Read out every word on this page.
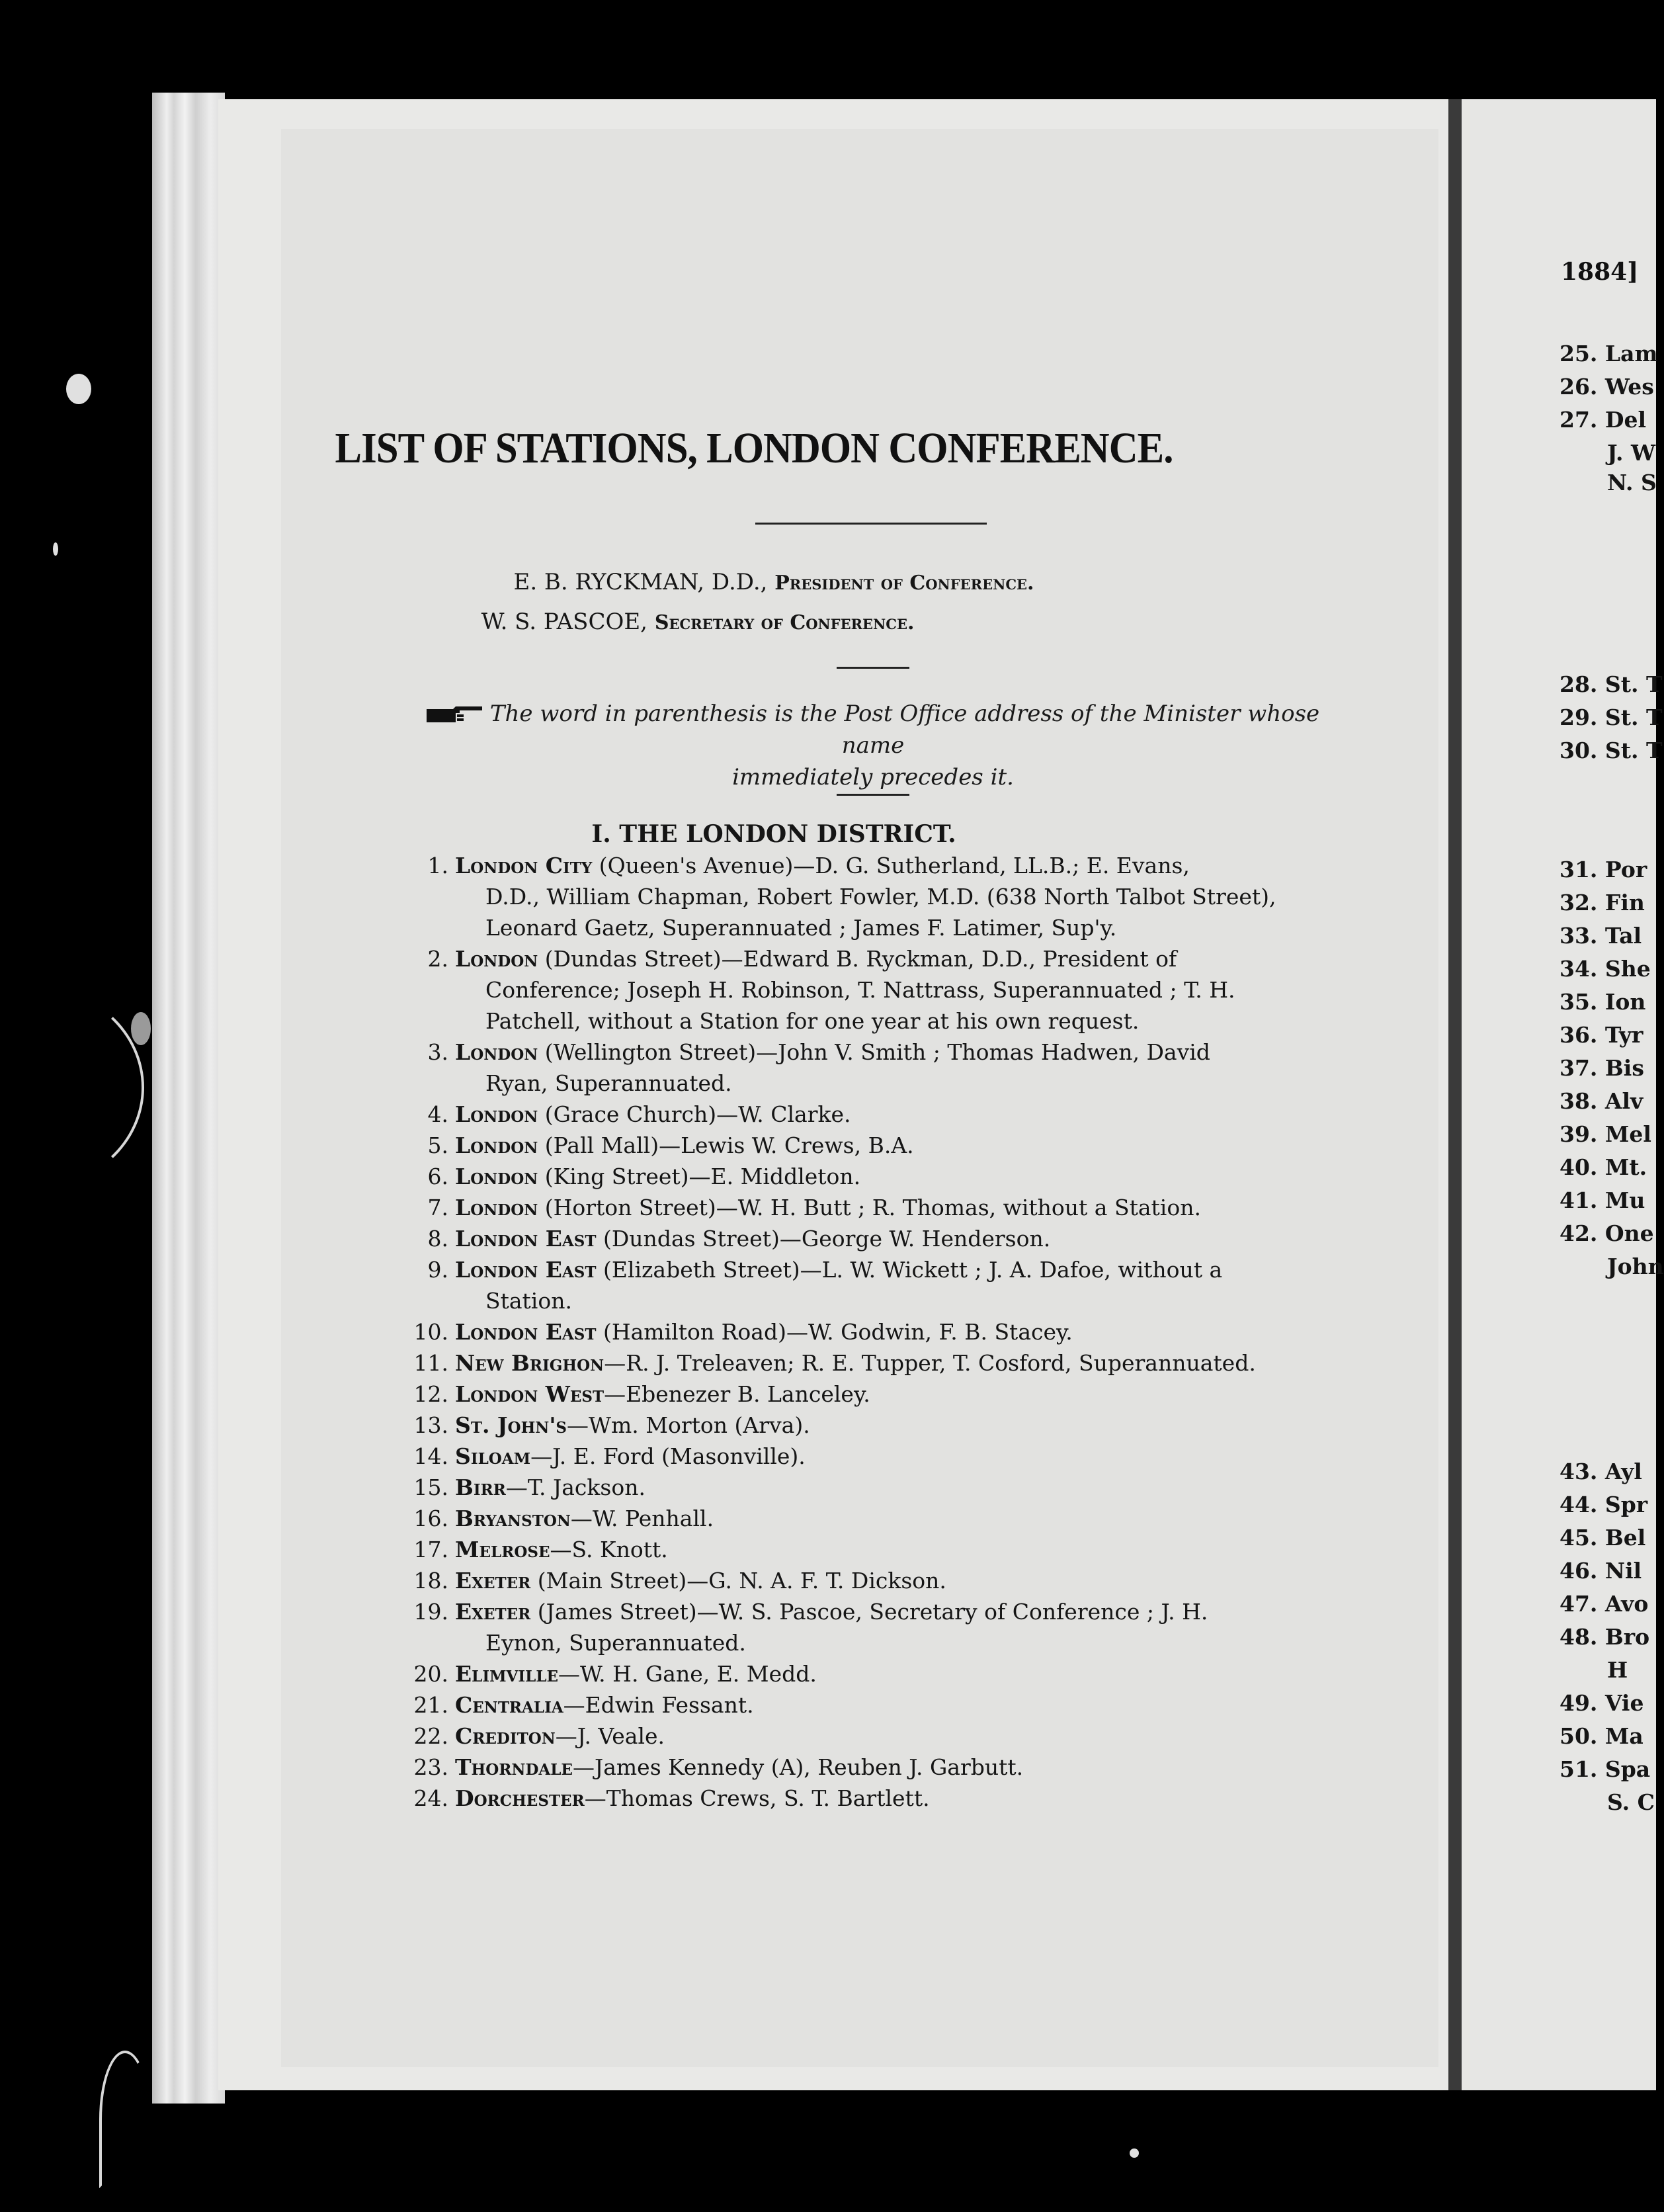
LIST OF STATIONS, LONDON CONFERENCE.
E. B. RYCKMAN, D.D., President of Conference.
W. S. PASCOE, Secretary of Conference.
The word in parenthesis is the Post Office address of the Minister whose name
immediately precedes it.
I. THE LONDON DISTRICT.
1. London City (Queen's Avenue)—D. G. Sutherland, LL.B.; E. Evans,
D.D., William Chapman, Robert Fowler, M.D. (638 North Talbot Street),
Leonard Gaetz, Superannuated ; James F. Latimer, Sup'y.
2. London (Dundas Street)—Edward B. Ryckman, D.D., President of
Conference; Joseph H. Robinson, T. Nattrass, Superannuated ; T. H.
Patchell, without a Station for one year at his own request.
3. London (Wellington Street)—John V. Smith ; Thomas Hadwen, David
Ryan, Superannuated.
4. London (Grace Church)—W. Clarke.
5. London (Pall Mall)—Lewis W. Crews, B.A.
6. London (King Street)—E. Middleton.
7. London (Horton Street)—W. H. Butt ; R. Thomas, without a Station.
8. London East (Dundas Street)—George W. Henderson.
9. London East (Elizabeth Street)—L. W. Wickett ; J. A. Dafoe, without a
Station.
10. London East (Hamilton Road)—W. Godwin, F. B. Stacey.
11. New Brighon—R. J. Treleaven; R. E. Tupper, T. Cosford, Superannuated.
12. London West—Ebenezer B. Lanceley.
13. St. John's—Wm. Morton (Arva).
14. Siloam—J. E. Ford (Masonville).
15. Birr—T. Jackson.
16. Bryanston—W. Penhall.
17. Melrose—S. Knott.
18. Exeter (Main Street)—G. N. A. F. T. Dickson.
19. Exeter (James Street)—W. S. Pascoe, Secretary of Conference ; J. H.
Eynon, Superannuated.
20. Elimville—W. H. Gane, E. Medd.
21. Centralia—Edwin Fessant.
22. Crediton—J. Veale.
23. Thorndale—James Kennedy (A), Reuben J. Garbutt.
24. Dorchester—Thomas Crews, S. T. Bartlett.
1884]
25. Lam
26. Wes
27. Del
J. W
N. S
28. St. T
29. St. T
30. St. T
31. Por
32. Fin
33. Tal
34. She
35. Ion
36. Tyr
37. Bis
38. Alv
39. Mel
40. Mt.
41. Mu
42. One
John
43. Ayl
44. Spr
45. Bel
46. Nil
47. Avo
48. Bro
H
49. Vie
50. Ma
51. Spa
S. C
